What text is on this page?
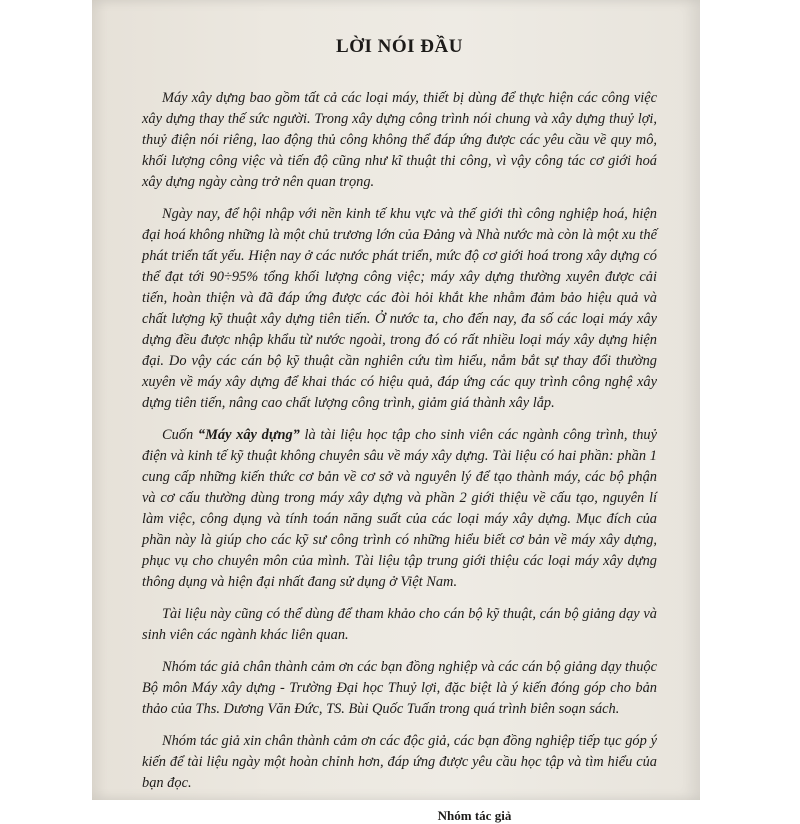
LỜI NÓI ĐẦU

Máy xây dựng bao gồm tất cả các loại máy, thiết bị dùng để thực hiện các công việc xây dựng thay thế sức người. Trong xây dựng công trình nói chung và xây dựng thuỷ lợi, thuỷ điện nói riêng, lao động thủ công không thể đáp ứng được các yêu cầu về quy mô, khối lượng công việc và tiến độ cũng như kĩ thuật thi công, vì vậy công tác cơ giới hoá xây dựng ngày càng trở nên quan trọng.

Ngày nay, để hội nhập với nền kinh tế khu vực và thế giới thì công nghiệp hoá, hiện đại hoá không những là một chủ trương lớn của Đảng và Nhà nước mà còn là một xu thế phát triển tất yếu. Hiện nay ở các nước phát triển, mức độ cơ giới hoá trong xây dựng có thể đạt tới 90÷95% tổng khối lượng công việc; máy xây dựng thường xuyên được cải tiến, hoàn thiện và đã đáp ứng được các đòi hỏi khắt khe nhằm đảm bảo hiệu quả và chất lượng kỹ thuật xây dựng tiên tiến. Ở nước ta, cho đến nay, đa số các loại máy xây dựng đều được nhập khẩu từ nước ngoài, trong đó có rất nhiều loại máy xây dựng hiện đại. Do vậy các cán bộ kỹ thuật cần nghiên cứu tìm hiểu, nắm bắt sự thay đổi thường xuyên về máy xây dựng để khai thác có hiệu quả, đáp ứng các quy trình công nghệ xây dựng tiên tiến, nâng cao chất lượng công trình, giảm giá thành xây lắp.

Cuốn “Máy xây dựng” là tài liệu học tập cho sinh viên các ngành công trình, thuỷ điện và kinh tế kỹ thuật không chuyên sâu về máy xây dựng. Tài liệu có hai phần: phần 1 cung cấp những kiến thức cơ bản về cơ sở và nguyên lý để tạo thành máy, các bộ phận và cơ cấu thường dùng trong máy xây dựng và phần 2 giới thiệu về cấu tạo, nguyên lí làm việc, công dụng và tính toán năng suất của các loại máy xây dựng. Mục đích của phần này là giúp cho các kỹ sư công trình có những hiểu biết cơ bản về máy xây dựng, phục vụ cho chuyên môn của mình. Tài liệu tập trung giới thiệu các loại máy xây dựng thông dụng và hiện đại nhất đang sử dụng ở Việt Nam.

Tài liệu này cũng có thể dùng để tham khảo cho cán bộ kỹ thuật, cán bộ giảng dạy và sinh viên các ngành khác liên quan.

Nhóm tác giả chân thành cảm ơn các bạn đồng nghiệp và các cán bộ giảng dạy thuộc Bộ môn Máy xây dựng - Trường Đại học Thuỷ lợi, đặc biệt là ý kiến đóng góp cho bản thảo của Ths. Dương Văn Đức, TS. Bùi Quốc Tuấn trong quá trình biên soạn sách.

Nhóm tác giả xin chân thành cảm ơn các độc giả, các bạn đồng nghiệp tiếp tục góp ý kiến để tài liệu ngày một hoàn chỉnh hơn, đáp ứng được yêu cầu học tập và tìm hiểu của bạn đọc.

Nhóm tác giả
